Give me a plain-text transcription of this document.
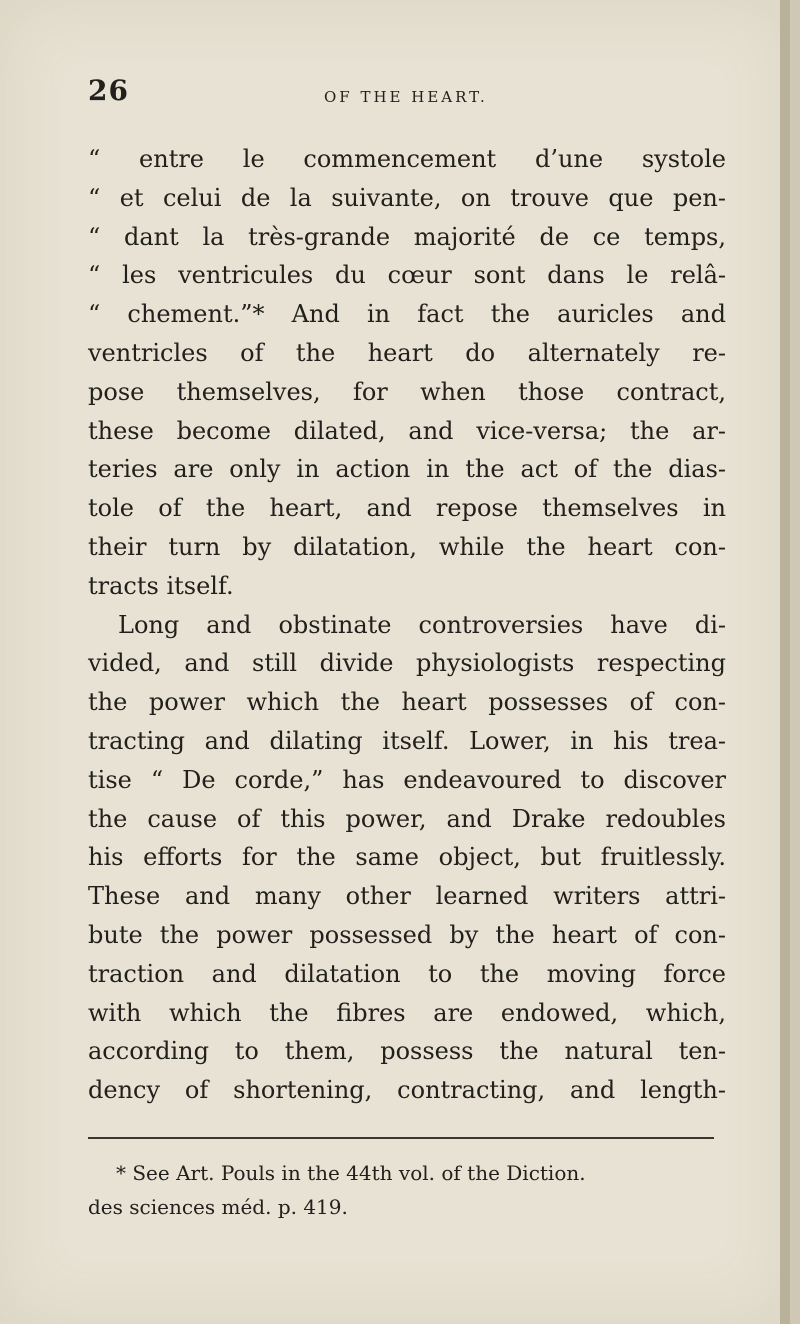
26	OF THE HEART.
“ entre le commencement d’une systole
“ et celui de la suivante, on trouve que pen-
“ dant la très-grande majorité de ce temps,
“ les ventricules du cœur sont dans le relâ-
“ chement.”* And in fact the auricles and
ventricles of the heart do alternately re-
pose themselves, for when those contract,
these become dilated, and vice-versa; the ar-
teries are only in action in the act of the dias-
tole of the heart, and repose themselves in
their turn by dilatation, while the heart con-
tracts itself.
Long and obstinate controversies have di-
vided, and still divide physiologists respecting
the power which the heart possesses of con-
tracting and dilating itself. Lower, in his trea-
tise “ De corde,” has endeavoured to discover
the cause of this power, and Drake redoubles
his efforts for the same object, but fruitlessly.
These and many other learned writers attri-
bute the power possessed by the heart of con-
traction and dilatation to the moving force
with which the fibres are endowed, which,
according to them, possess the natural ten-
dency of shortening, contracting, and length-
* See Art. Pouls in the 44th vol. of the Diction.
des sciences méd. p. 419.
